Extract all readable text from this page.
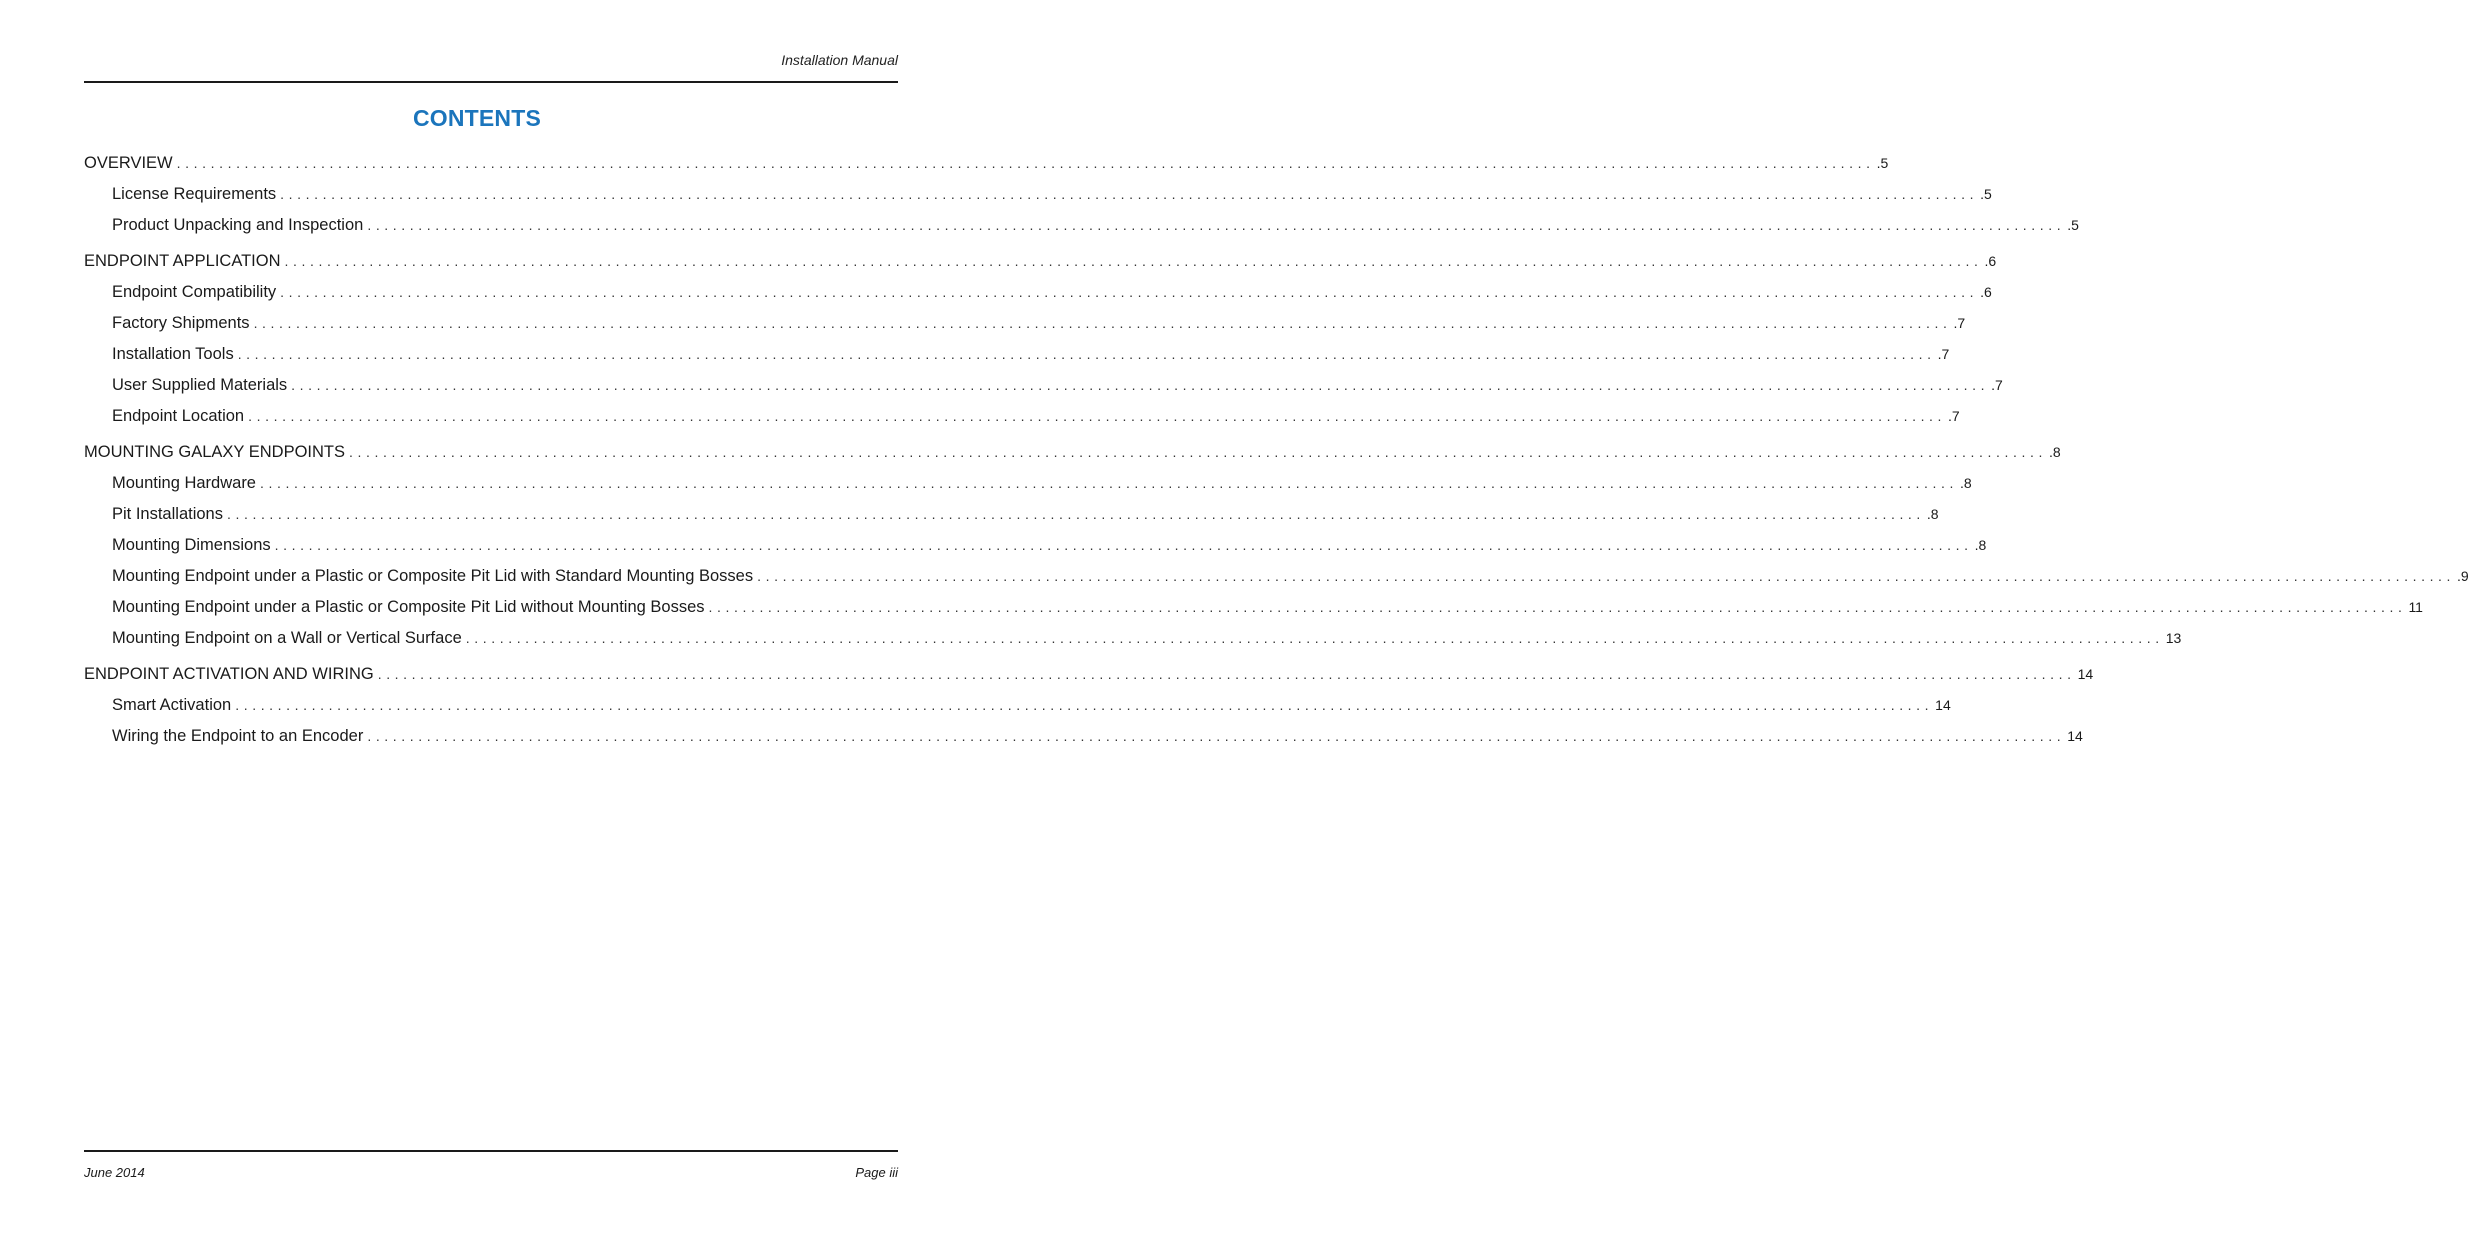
Installation Manual
CONTENTS
OVERVIEW ........................................................................................................................................................................................................ .5
License Requirements ........................................................................................................................................................................................................ .5
Product Unpacking and Inspection ........................................................................................................................................................................................................ .5
ENDPOINT APPLICATION ........................................................................................................................................................................................................ .6
Endpoint Compatibility ........................................................................................................................................................................................................ .6
Factory Shipments ........................................................................................................................................................................................................ .7
Installation Tools ........................................................................................................................................................................................................ .7
User Supplied Materials ........................................................................................................................................................................................................ .7
Endpoint Location ........................................................................................................................................................................................................ .7
MOUNTING GALAXY ENDPOINTS ........................................................................................................................................................................................................ .8
Mounting Hardware ........................................................................................................................................................................................................ .8
Pit Installations ........................................................................................................................................................................................................ .8
Mounting Dimensions ........................................................................................................................................................................................................ .8
Mounting Endpoint under a Plastic or Composite Pit Lid with Standard Mounting Bosses ........................................................................................................................................................................................................ .9
Mounting Endpoint under a Plastic or Composite Pit Lid without Mounting Bosses ........................................................................................................................................................................................................ 11
Mounting Endpoint on a Wall or Vertical Surface ........................................................................................................................................................................................................ 13
ENDPOINT ACTIVATION AND WIRING ........................................................................................................................................................................................................ 14
Smart Activation ........................................................................................................................................................................................................ 14
Wiring the Endpoint to an Encoder ........................................................................................................................................................................................................ 14
June 2014	Page iii
